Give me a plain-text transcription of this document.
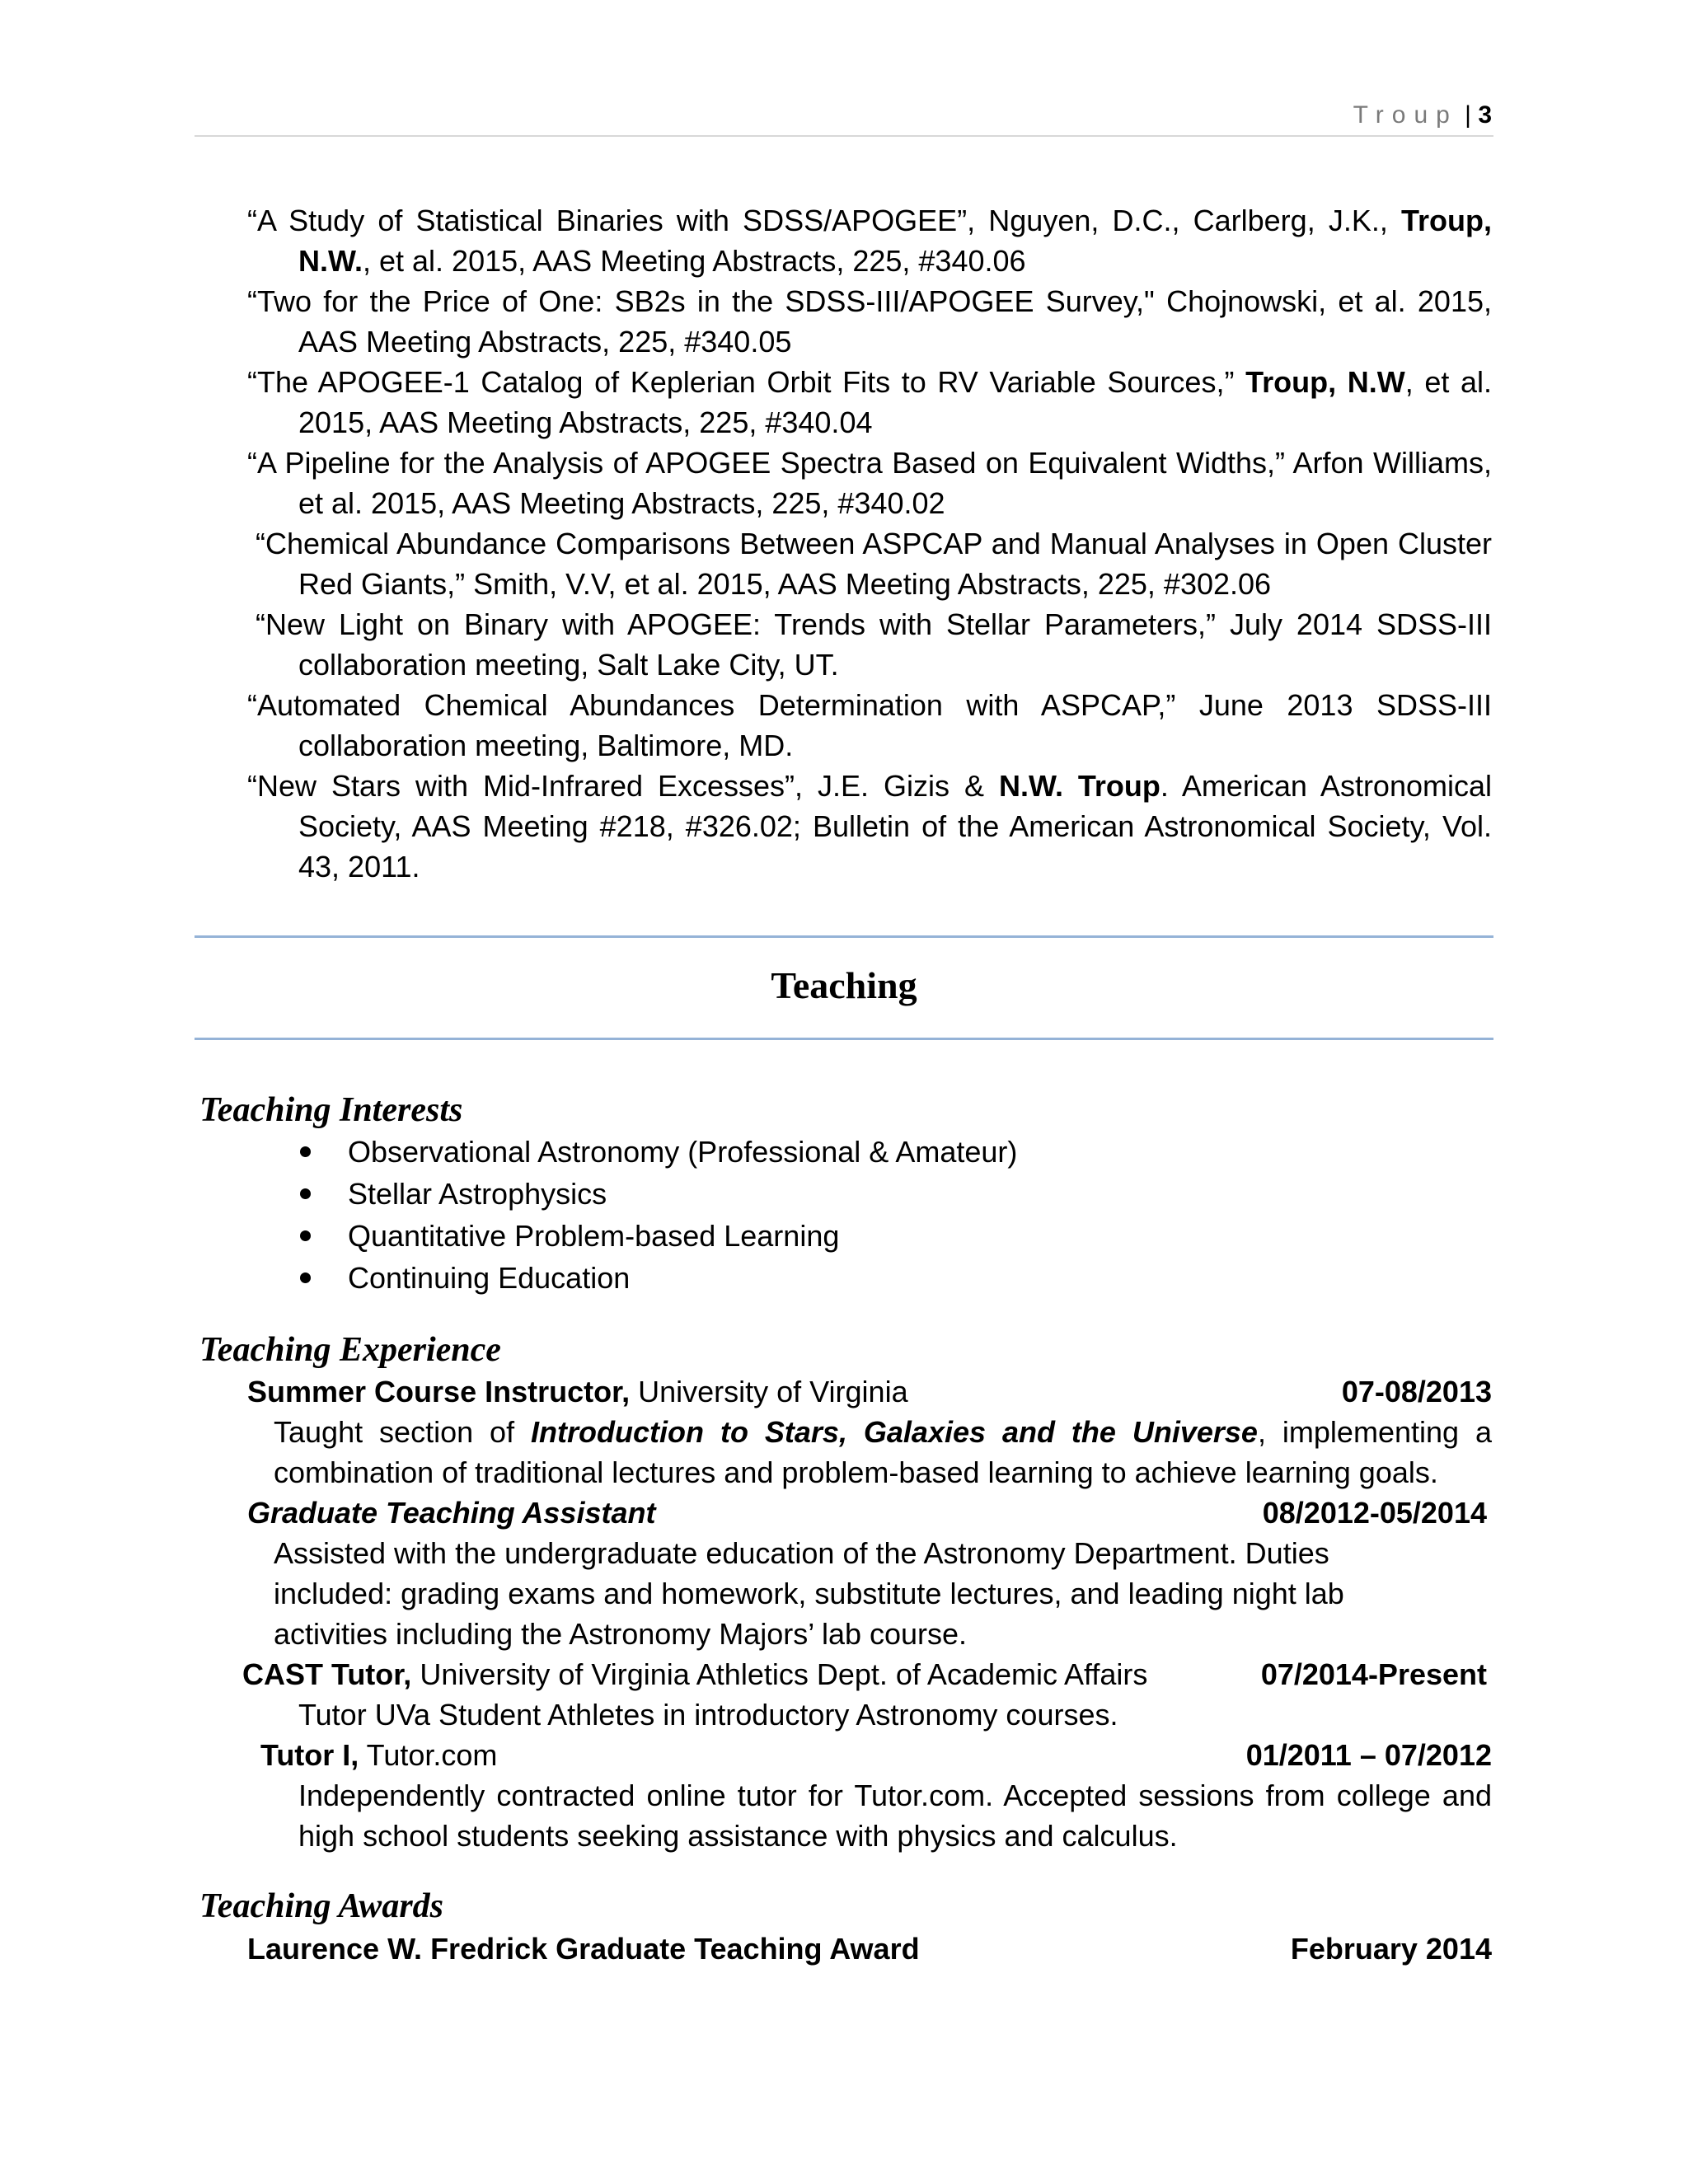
Troup | 3

“A Study of Statistical Binaries with SDSS/APOGEE”, Nguyen, D.C., Carlberg, J.K., Troup, N.W., et al. 2015, AAS Meeting Abstracts, 225, #340.06

“Two for the Price of One: SB2s in the SDSS-III/APOGEE Survey," Chojnowski, et al. 2015, AAS Meeting Abstracts, 225, #340.05

“The APOGEE-1 Catalog of Keplerian Orbit Fits to RV Variable Sources,” Troup, N.W, et al. 2015, AAS Meeting Abstracts, 225, #340.04

“A Pipeline for the Analysis of APOGEE Spectra Based on Equivalent Widths,” Arfon Williams, et al. 2015, AAS Meeting Abstracts, 225, #340.02

“Chemical Abundance Comparisons Between ASPCAP and Manual Analyses in Open Cluster Red Giants,” Smith, V.V, et al. 2015, AAS Meeting Abstracts, 225, #302.06

“New Light on Binary with APOGEE: Trends with Stellar Parameters,” July 2014 SDSS-III collaboration meeting, Salt Lake City, UT.

“Automated Chemical Abundances Determination with ASPCAP,” June 2013 SDSS-III collaboration meeting, Baltimore, MD.

“New Stars with Mid-Infrared Excesses”, J.E. Gizis & N.W. Troup. American Astronomical Society, AAS Meeting #218, #326.02; Bulletin of the American Astronomical Society, Vol. 43, 2011.

Teaching
Teaching Interests
Observational Astronomy (Professional & Amateur)
Stellar Astrophysics
Quantitative Problem-based Learning
Continuing Education
Teaching Experience
Summer Course Instructor, University of Virginia	07-08/2013

Taught section of Introduction to Stars, Galaxies and the Universe, implementing a combination of traditional lectures and problem-based learning to achieve learning goals.

Graduate Teaching Assistant	08/2012-05/2014

Assisted with the undergraduate education of the Astronomy Department. Duties included: grading exams and homework, substitute lectures, and leading night lab activities including the Astronomy Majors’ lab course.

CAST Tutor, University of Virginia Athletics Dept. of Academic Affairs	07/2014-Present

Tutor UVa Student Athletes in introductory Astronomy courses.

Tutor I, Tutor.com	01/2011 – 07/2012

Independently contracted online tutor for Tutor.com. Accepted sessions from college and high school students seeking assistance with physics and calculus.

Teaching Awards
Laurence W. Fredrick Graduate Teaching Award	February 2014
